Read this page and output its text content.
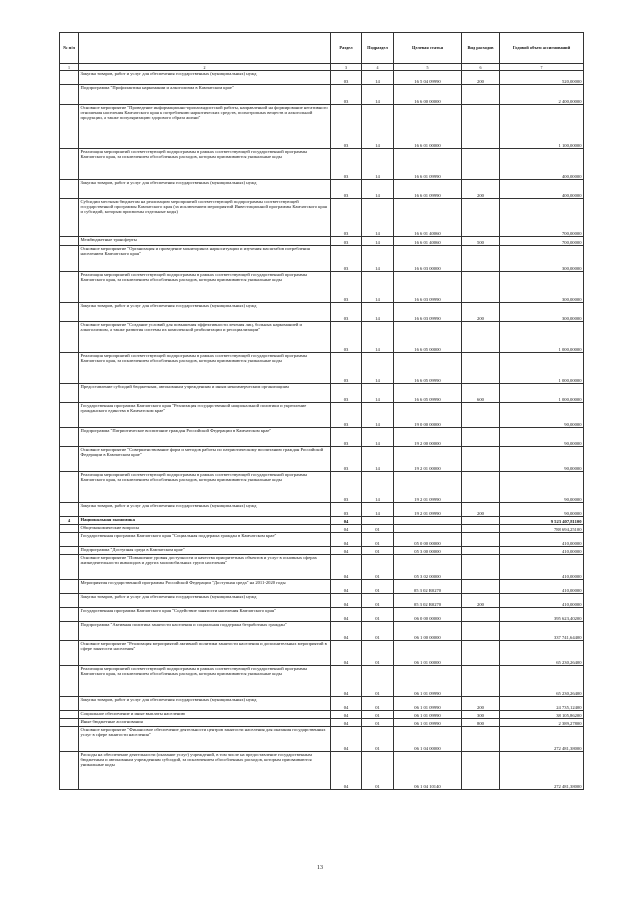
№ п/п		Раздел	Подраздел	Целевая статья	Вид расходов	Годовой объем ассигнований
1	2	3	4	5	6	7
	Закупка товаров, работ и услуг для обеспечения государственных (муниципальных) нужд	03	14	16 5 04 09990	200	520,00000
	Подпрограмма "Профилактика наркомании и алкоголизма в Камчатском крае"	03	14	16 6 00 00000		2 400,00000
	Основное мероприятие "Проведение информационно-пропагандистской работы, направленной на формирование негативного отношения населения Камчатского края к потреблению наркотических средств, психотропных веществ и алкогольной продукции, а также популяризацию здорового образа жизни"	03	14	16 6 01 00000		1 100,00000
	Реализация мероприятий соответствующей подпрограммы в рамках соответствующей государственной программы Камчатского края, за исключением обособленных расходов, которым присваиваются уникальные коды	03	14	16 6 01 09990		400,00000
	Закупка товаров, работ и услуг для обеспечения государственных (муниципальных) нужд	03	14	16 6 01 09990	200	400,00000
	Субсидии местным бюджетам на реализацию мероприятий соответствующей подпрограммы соответствующей государственной программы Камчатского края (за исключением мероприятий Инвестиционной программы Камчатского края и субсидий, которым присвоены отдельные коды)	03	14	16 6 01 40060		700,00000
	Межбюджетные трансферты	03	14	16 6 01 40060	500	700,00000
	Основное мероприятие "Организация и проведение мониторинга наркоситуации и изучения масштабов потребления населением Камчатского края"	03	14	16 6 03 00000		300,00000
	Реализация мероприятий соответствующей подпрограммы в рамках соответствующей государственной программы Камчатского края, за исключением обособленных расходов, которым присваиваются уникальные коды	03	14	16 6 03 09990		300,00000
	Закупка товаров, работ и услуг для обеспечения государственных (муниципальных) нужд	03	14	16 6 03 09990	200	300,00000
	Основное мероприятие "Создание условий для повышения эффективности лечения лиц, больных наркоманией и алкоголизмом, а также развития системы их комплексной реабилитации и ресоциализации"	03	14	16 6 05 00000		1 000,00000
	Реализация мероприятий соответствующей подпрограммы в рамках соответствующей государственной программы Камчатского края, за исключением обособленных расходов, которым присваиваются уникальные коды	03	14	16 6 05 09990		1 000,00000
	Предоставление субсидий бюджетным, автономным учреждениям и иным некоммерческим организациям	03	14	16 6 05 09990	600	1 000,00000
	Государственная программа Камчатского края "Реализация государственной национальной политики и укрепление гражданского единства в Камчатском крае"	03	14	19 0 00 00000		90,00000
	Подпрограмма "Патриотическое воспитание граждан Российской Федерации в Камчатском крае"	03	14	19 2 00 00000		90,00000
	Основное мероприятие "Совершенствование форм и методов работы по патриотическому воспитанию граждан Российской Федерации в Камчатском крае"	03	14	19 2 01 00000		90,00000
	Реализация мероприятий соответствующей подпрограммы в рамках соответствующей государственной программы Камчатского края, за исключением обособленных расходов, которым присваиваются уникальные коды	03	14	19 2 01 09990		90,00000
	Закупка товаров, работ и услуг для обеспечения государственных (муниципальных) нужд	03	14	19 2 01 09990	200	90,00000
4	Национальная экономика	04				9 523 407,81100
	Общеэкономические вопросы	04	01			788 694,25100
	Государственная программа Камчатского края "Социальная поддержка граждан в Камчатском крае"	04	01	05 0 00 00000		410,00000
	Подпрограмма "Доступная среда в Камчатском крае"	04	01	05 3 00 00000		410,00000
	Основное мероприятие "Повышение уровня доступности и качества приоритетных объектов и услуг в основных сферах жизнедеятельности инвалидов и других маломобильных групп населения"	04	01	05 3 02 00000		410,00000
	Мероприятия государственной программы Российской Федерации "Доступная среда" на 2011-2020 годы	04	01	05 3 02 R0270		410,00000
	Закупка товаров, работ и услуг для обеспечения государственных (муниципальных) нужд	04	01	05 3 02 R0270	200	410,00000
	Государственная программа Камчатского края "Содействие занятости населения Камчатского края"	04	01	06 0 00 00000		395 623,40200
	Подпрограмма "Активная политика занятости населения и социальная поддержка безработных граждан"	04	01	06 1 00 00000		337 741,64400
	Основное мероприятие "Реализация мероприятий активной политики занятости населения и дополнительных мероприятий в сфере занятости населения"	04	01	06 1 01 00000		65 230,26400
	Реализация мероприятий соответствующей подпрограммы в рамках соответствующей государственной программы Камчатского края, за исключением обособленных расходов, которым присваиваются уникальные коды	04	01	06 1 01 09990		65 230,26400
	Закупка товаров, работ и услуг для обеспечения государственных (муниципальных) нужд	04	01	06 1 01 09990	200	24 735,12400
	Социальное обеспечение и иные выплаты населению	04	01	06 1 01 09990	300	38 105,86200
	Иные бюджетные ассигнования	04	01	06 1 01 09990	800	2 389,27800
	Основное мероприятие "Финансовое обеспечение деятельности центров занятости населения для оказания государственных услуг в сфере занятости населения"	04	01	06 1 04 00000		272 481,38000
	Расходы на обеспечение деятельности (оказание услуг) учреждений, в том числе на предоставление государственным бюджетным и автономным учреждениям субсидий, за исключением обособленных расходов, которым присваиваются уникальные коды	04	01	06 1 04 10140		272 481,38000
13
